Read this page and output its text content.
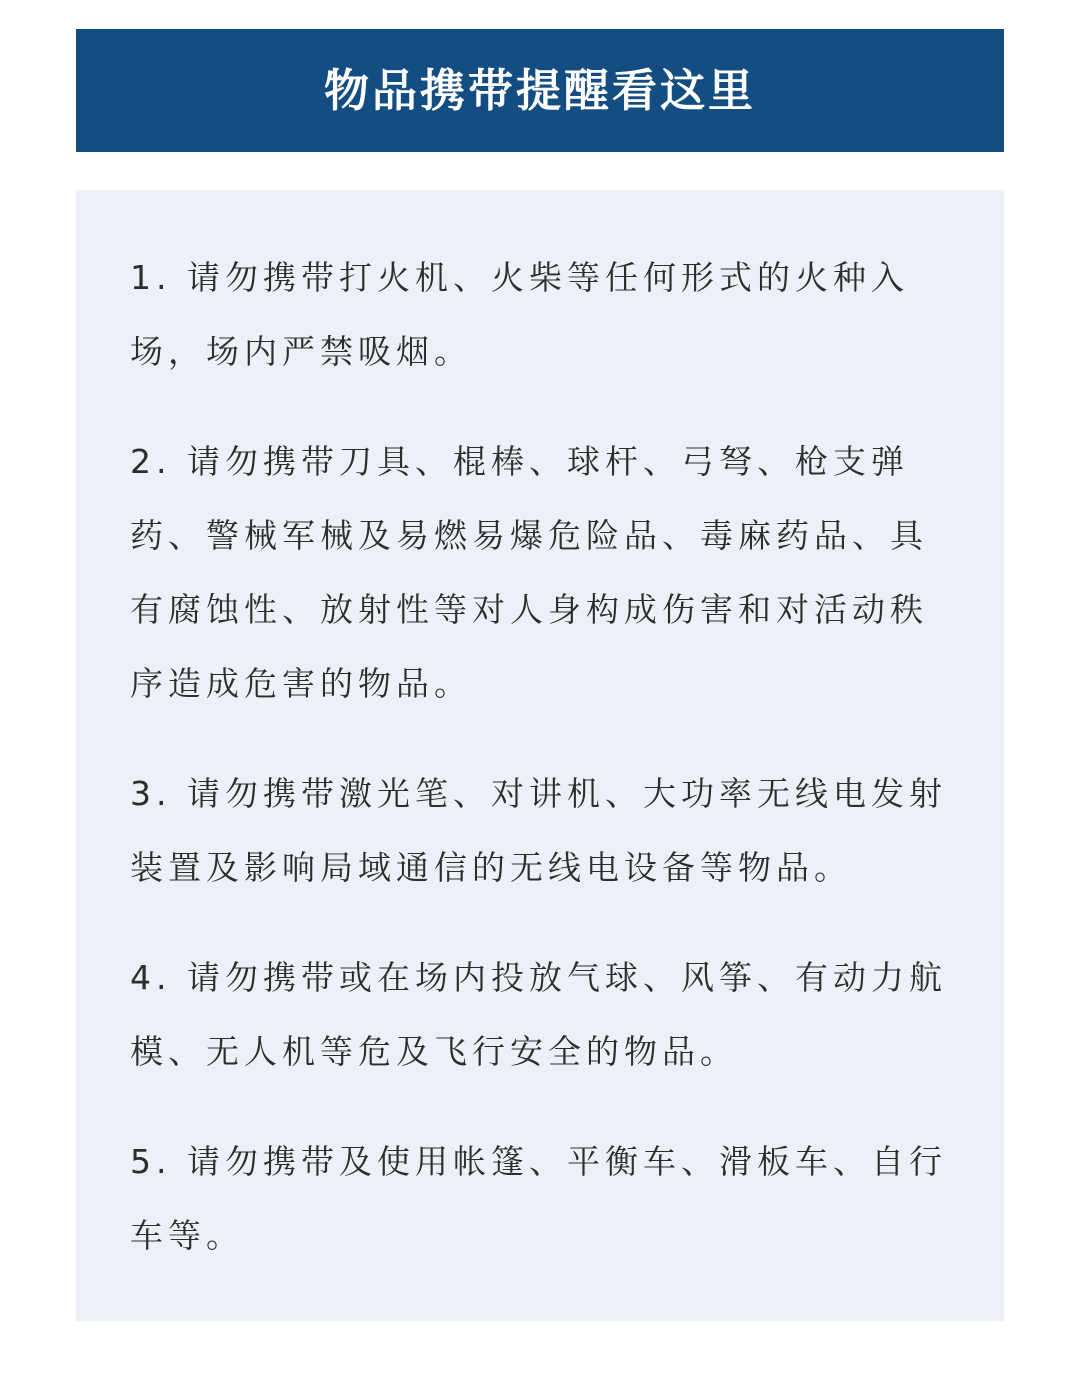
物品携带提醒看这里

1. 请勿携带打火机、火柴等任何形式的火种入场，场内严禁吸烟。

2. 请勿携带刀具、棍棒、球杆、弓弩、枪支弹药、警械军械及易燃易爆危险品、毒麻药品、具有腐蚀性、放射性等对人身构成伤害和对活动秩序造成危害的物品。

3. 请勿携带激光笔、对讲机、大功率无线电发射装置及影响局域通信的无线电设备等物品。

4. 请勿携带或在场内投放气球、风筝、有动力航模、无人机等危及飞行安全的物品。

5. 请勿携带及使用帐篷、平衡车、滑板车、自行车等。
